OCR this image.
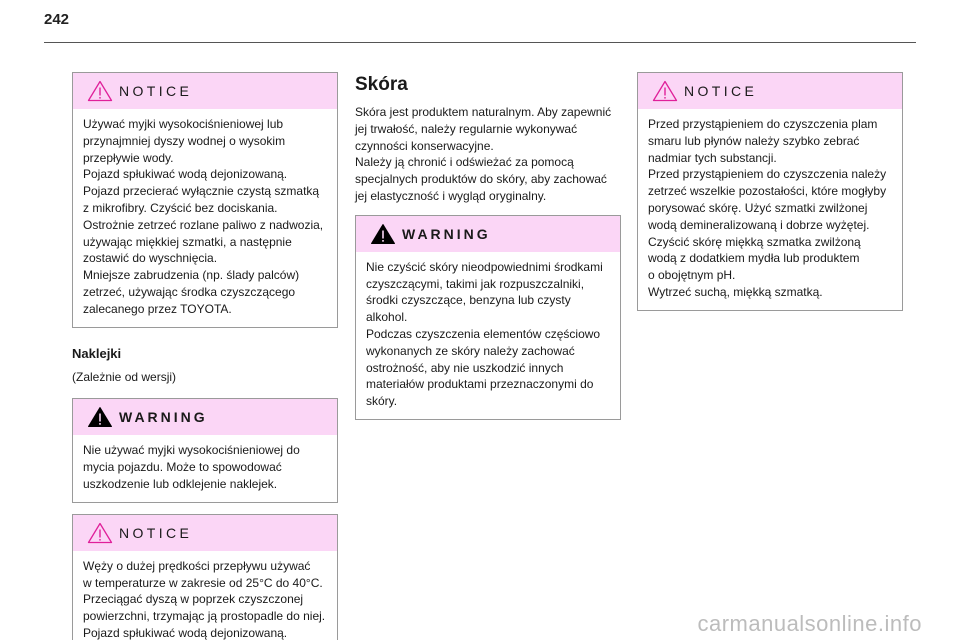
242
NOTICE

Używać myjki wysokociśnieniowej lub

przynajmniej dyszy wodnej o wysokim

przepływie wody.

Pojazd spłukiwać wodą dejonizowaną.

Pojazd przecierać wyłącznie czystą szmatką

z mikrofibry. Czyścić bez dociskania.

Ostrożnie zetrzeć rozlane paliwo z nadwozia,

używając miękkiej szmatki, a następnie

zostawić do wyschnięcia.

Mniejsze zabrudzenia (np. ślady palców)

zetrzeć, używając środka czyszczącego

zalecanego przez TOYOTA.

Naklejki
(Zależnie od wersji)
WARNING

Nie używać myjki wysokociśnieniowej do

mycia pojazdu. Może to spowodować

uszkodzenie lub odklejenie naklejek.

NOTICE

Węży o dużej prędkości przepływu używać

w temperaturze w zakresie od 25°C do 40°C.

Przeciągać dyszą w poprzek czyszczonej

powierzchni, trzymając ją prostopadle do niej.

Pojazd spłukiwać wodą dejonizowaną.

Skóra

Skóra jest produktem naturalnym. Aby zapewnić

jej trwałość, należy regularnie wykonywać

czynności konserwacyjne.

Należy ją chronić i odświeżać za pomocą

specjalnych produktów do skóry, aby zachować

jej elastyczność i wygląd oryginalny.

WARNING

Nie czyścić skóry nieodpowiednimi środkami

czyszczącymi, takimi jak rozpuszczalniki,

środki czyszczące, benzyna lub czysty

alkohol.

Podczas czyszczenia elementów częściowo

wykonanych ze skóry należy zachować

ostrożność, aby nie uszkodzić innych

materiałów produktami przeznaczonymi do

skóry.

NOTICE

Przed przystąpieniem do czyszczenia plam

smaru lub płynów należy szybko zebrać

nadmiar tych substancji.

Przed przystąpieniem do czyszczenia należy

zetrzeć wszelkie pozostałości, które mogłyby

porysować skórę. Użyć szmatki zwilżonej

wodą demineralizowaną i dobrze wyżętej.

Czyścić skórę miękką szmatka zwilżoną

wodą z dodatkiem mydła lub produktem

o obojętnym pH.

Wytrzeć suchą, miękką szmatką.

carmanualsonline.info
